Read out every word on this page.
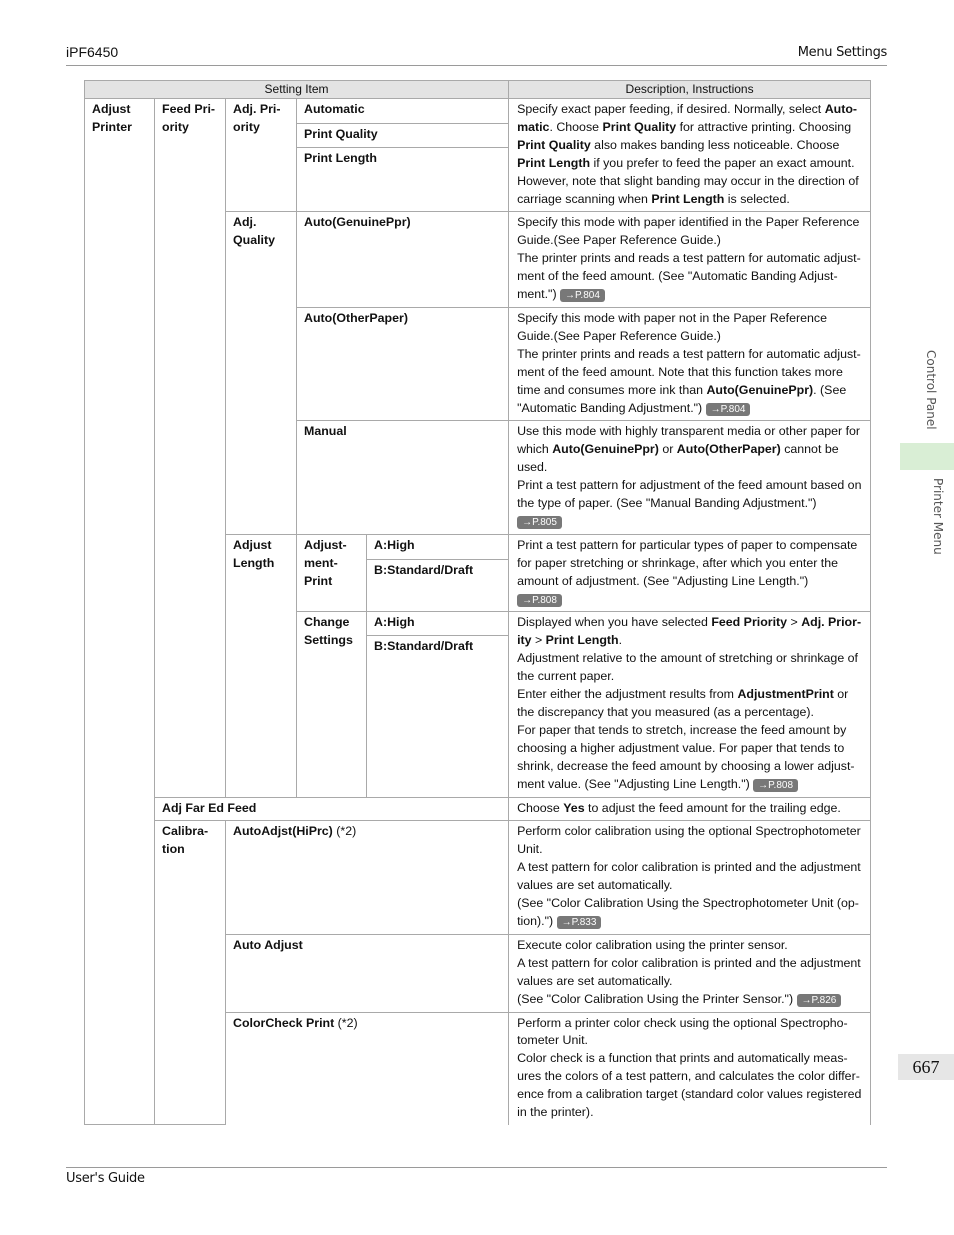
iPF6450	Menu Settings
Control Panel
Printer Menu
667
Setting Item					Description, Instructions
Adjust Printer	Feed Pri-ority	Adj. Pri-ority	Automatic		Specify exact paper feeding, if desired. Normally, select Auto-matic. Choose Print Quality for attractive printing. Choosing Print Quality also makes banding less noticeable. Choose Print Length if you prefer to feed the paper an exact amount. However, note that slight banding may occur in the direction of carriage scanning when Print Length is selected.
			Print Quality		
			Print Length		
		Adj. Quality	Auto(GenuinePpr)		Specify this mode with paper identified in the Paper Reference Guide.(See Paper Reference Guide.)
The printer prints and reads a test pattern for automatic adjust-ment of the feed amount. (See "Automatic Banding Adjust-ment.") →P.804
			Auto(OtherPaper)		Specify this mode with paper not in the Paper Reference Guide.(See Paper Reference Guide.)
The printer prints and reads a test pattern for automatic adjust-ment of the feed amount. Note that this function takes more time and consumes more ink than Auto(GenuinePpr). (See "Automatic Banding Adjustment.") →P.804
			Manual		Use this mode with highly transparent media or other paper for which Auto(GenuinePpr) or Auto(OtherPaper) cannot be used.
Print a test pattern for adjustment of the feed amount based on the type of paper. (See "Manual Banding Adjustment.")
→P.805
		Adjust Length	Adjust-ment-Print	A:High	Print a test pattern for particular types of paper to compensate for paper stretching or shrinkage, after which you enter the amount of adjustment. (See "Adjusting Line Length.")
→P.808
				B:Standard/Draft	
			Change Settings	A:High	Displayed when you have selected Feed Priority > Adj. Prior-ity > Print Length.
Adjustment relative to the amount of stretching or shrinkage of the current paper.
Enter either the adjustment results from AdjustmentPrint or the discrepancy that you measured (as a percentage).
For paper that tends to stretch, increase the feed amount by choosing a higher adjustment value. For paper that tends to shrink, decrease the feed amount by choosing a lower adjust-ment value. (See "Adjusting Line Length.") →P.808
				B:Standard/Draft	

	Adj Far Ed Feed				Choose Yes to adjust the feed amount for the trailing edge.
	Calibra-tion	AutoAdjst(HiPrc) (*2)			Perform color calibration using the optional Spectrophotometer Unit.
A test pattern for color calibration is printed and the adjustment values are set automatically.
(See "Color Calibration Using the Spectrophotometer Unit (op-tion).") →P.833
		Auto Adjust			Execute color calibration using the printer sensor.
A test pattern for color calibration is printed and the adjustment values are set automatically.
(See "Color Calibration Using the Printer Sensor.") →P.826
		ColorCheck Print (*2)			Perform a printer color check using the optional Spectropho-tometer Unit.
Color check is a function that prints and automatically meas-ures the colors of a test pattern, and calculates the color differ-ence from a calibration target (standard color values registered in the printer).
User's Guide
